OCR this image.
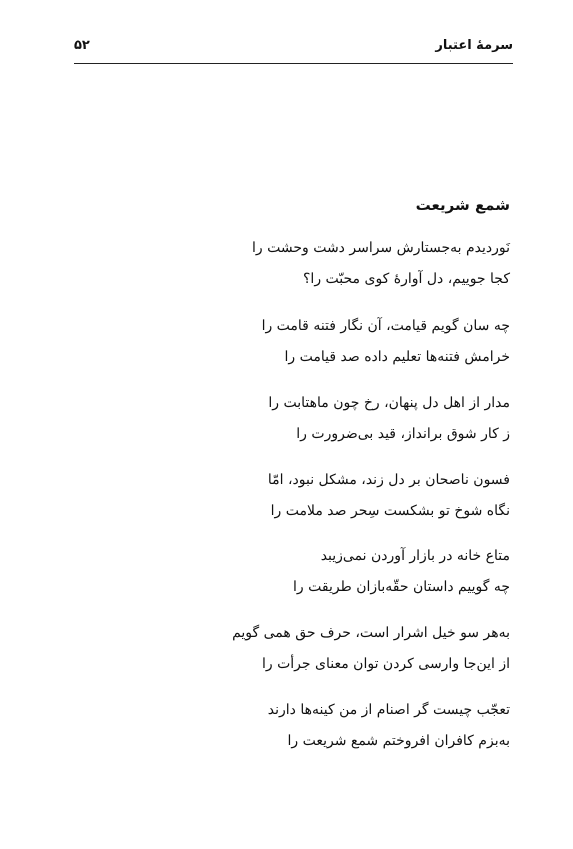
سرمهٔ اعتبار
۵۲
شمع شریعت
نَوردیدم به‌جستارش سراسر دشت وحشت را
کجا جوییم، دل آوارهٔ کوی محبّت را؟
چه سان گویم قیامت، آن نگار فتنه قامت را
خرامش فتنه‌ها تعلیم داده صد قیامت را
مدار از اهل دل پنهان، رخ چون ماهتابت را
ز کار شوق برانداز، قید بی‌ضرورت را
فسون ناصحان بر دل زند، مشکل نبود، امّا
نگاه شوخ تو بشکست سِحر صد ملامت را
متاع خانه در بازار آوردن نمی‌زیبد
چه گوییم داستان حقّه‌بازان طریقت را
به‌هر سو خیل اشرار است، حرف حق همی گویم
از این‌جا وارسی کردن توان معنای جرأت را
تعجّب چیست گر اصنام از من کینه‌ها دارند
به‌بزم کافران افروختم شمع شریعت را
